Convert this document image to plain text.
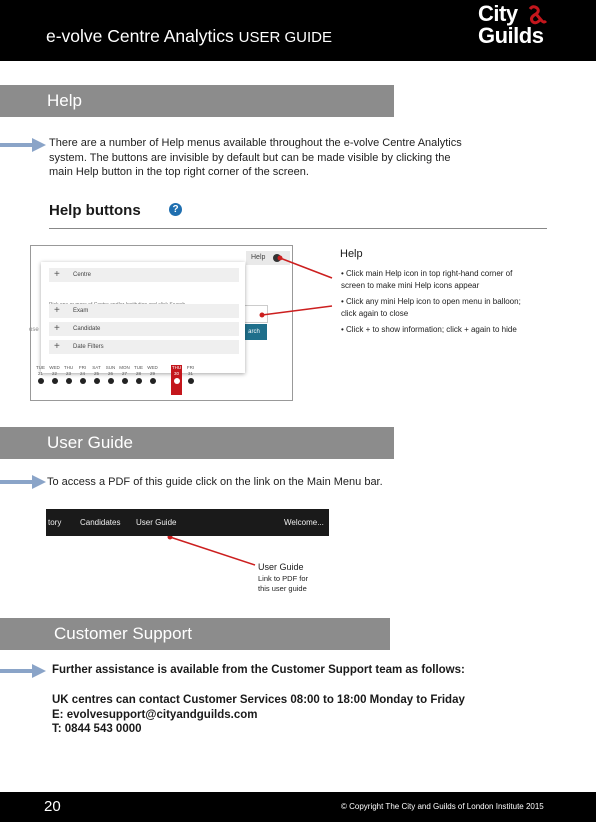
e-volve Centre Analytics USER GUIDE
City
Guilds
Help
There are a number of Help menus available throughout the e-volve Centre Analytics
system. The buttons are invisible by default but can be made visible by clicking the
main Help button in the top right corner of the screen.
Help buttons	?
Help
arch
ose
+ Centre
+ Exam
+ Candidate
+ Date Filters
TUE
21
WED
22
THU
23
FRI
24
SAT
25
SUN
26
MON
27
TUE
28
WED
29
THU
30
FRI
31
Help
• Click main Help icon in top right-hand corner of
screen to make mini Help icons appear
• Click any mini Help icon to open menu in balloon;
click again to close
• Click + to show information; click + again to hide
User Guide
To access a PDF of this guide click on the link on the Main Menu bar.
tory Candidates User Guide	Welcome...
User Guide
Link to PDF for
this user guide
Customer Support
Further assistance is available from the Customer Support team as follows:
UK centres can contact Customer Services 08:00 to 18:00 Monday to Friday
E: evolvesupport@cityandguilds.com
T: 0844 543 0000
20	© Copyright The City and Guilds of London Institute 2015
